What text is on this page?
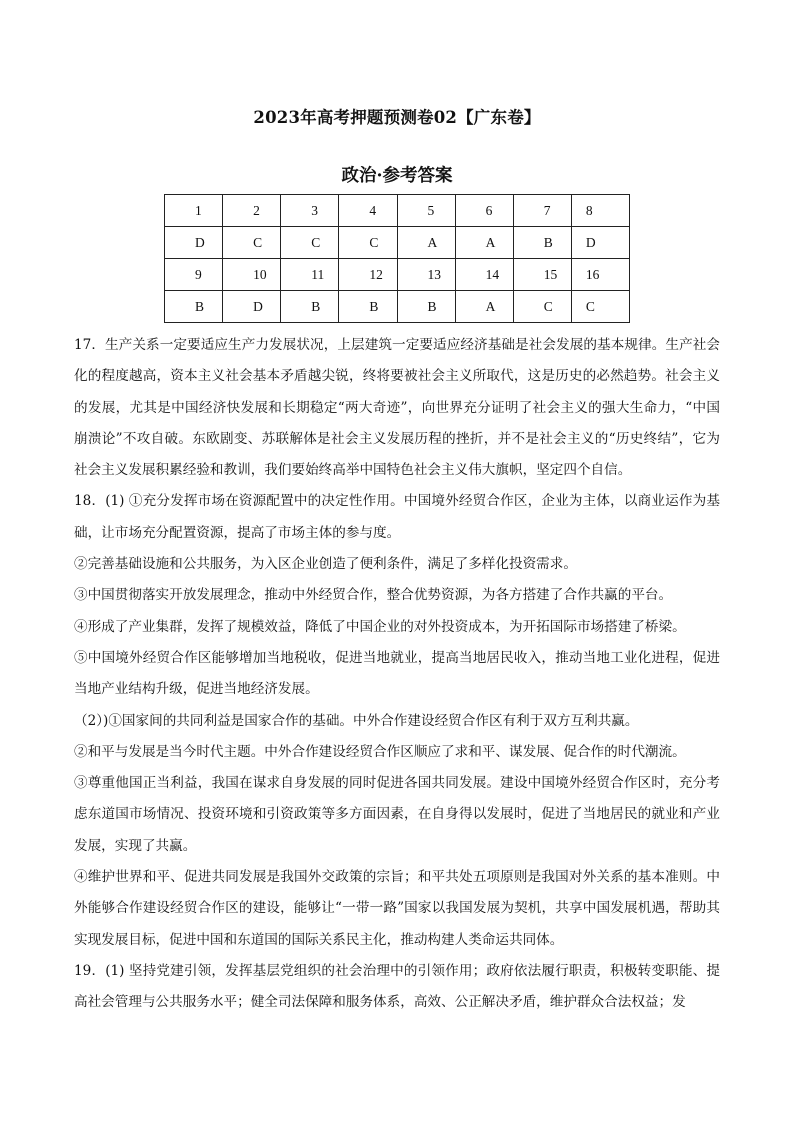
2023年高考押题预测卷02【广东卷】
政治·参考答案
1	2	3	4	5	6	7	8
D	C	C	C	A	A	B	D
9	10	11	12	13	14	15	16
B	D	B	B	B	A	C	C

17．生产关系一定要适应生产力发展状况，上层建筑一定要适应经济基础是社会发展的基本规律。生产社会化的程度越高，资本主义社会基本矛盾越尖锐，终将要被社会主义所取代，这是历史的必然趋势。社会主义的发展，尤其是中国经济快发展和长期稳定“两大奇迹”，向世界充分证明了社会主义的强大生命力，“中国崩溃论”不攻自破。东欧剧变、苏联解体是社会主义发展历程的挫折，并不是社会主义的“历史终结”，它为社会主义发展积累经验和教训，我们要始终高举中国特色社会主义伟大旗帜，坚定四个自信。

18．(1) ①充分发挥市场在资源配置中的决定性作用。中国境外经贸合作区，企业为主体，以商业运作为基础，让市场充分配置资源，提高了市场主体的参与度。

②完善基础设施和公共服务，为入区企业创造了便利条件，满足了多样化投资需求。

③中国贯彻落实开放发展理念，推动中外经贸合作，整合优势资源，为各方搭建了合作共赢的平台。

④形成了产业集群，发挥了规模效益，降低了中国企业的对外投资成本，为开拓国际市场搭建了桥梁。

⑤中国境外经贸合作区能够增加当地税收，促进当地就业，提高当地居民收入，推动当地工业化进程，促进当地产业结构升级，促进当地经济发展。

（2）)①国家间的共同利益是国家合作的基础。中外合作建设经贸合作区有利于双方互利共赢。

②和平与发展是当今时代主题。中外合作建设经贸合作区顺应了求和平、谋发展、促合作的时代潮流。

③尊重他国正当利益，我国在谋求自身发展的同时促进各国共同发展。建设中国境外经贸合作区时，充分考虑东道国市场情况、投资环境和引资政策等多方面因素，在自身得以发展时，促进了当地居民的就业和产业发展，实现了共赢。

④维护世界和平、促进共同发展是我国外交政策的宗旨；和平共处五项原则是我国对外关系的基本准则。中外能够合作建设经贸合作区的建设，能够让“一带一路”国家以我国发展为契机，共享中国发展机遇，帮助其实现发展目标，促进中国和东道国的国际关系民主化，推动构建人类命运共同体。

19．(1) 坚持党建引领，发挥基层党组织的社会治理中的引领作用；政府依法履行职责，积极转变职能、提高社会管理与公共服务水平；健全司法保障和服务体系，高效、公正解决矛盾，维护群众合法权益；发
